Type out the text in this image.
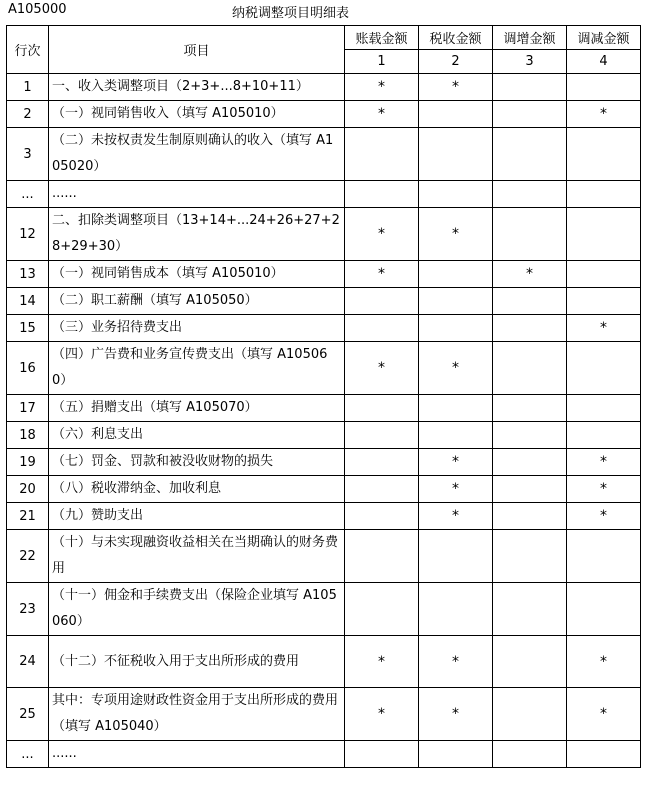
A105000	纳税调整项目明细表
行次	项目	账载金额	税收金额	调增金额	调减金额
		1	2	3	4
1	一、收入类调整项目（2+3+...8+10+11）	*	*		
2	（一）视同销售收入（填写 A105010）	*			*
3	（二）未按权责发生制原则确认的收入（填写 A105020）				
...	......				
12	二、扣除类调整项目（13+14+...24+26+27+28+29+30）	*	*		
13	（一）视同销售成本（填写 A105010）	*		*	
14	（二）职工薪酬（填写 A105050）				
15	（三）业务招待费支出				*
16	（四）广告费和业务宣传费支出（填写 A105060）	*	*		
17	（五）捐赠支出（填写 A105070）				
18	（六）利息支出				
19	（七）罚金、罚款和被没收财物的损失		*		*
20	（八）税收滞纳金、加收利息		*		*
21	（九）赞助支出		*		*
22	（十）与未实现融资收益相关在当期确认的财务费用				
23	（十一）佣金和手续费支出（保险企业填写 A105060）				
24	（十二）不征税收入用于支出所形成的费用	*	*		*
25	其中：专项用途财政性资金用于支出所形成的费用（填写 A105040）	*	*		*
...	......				
